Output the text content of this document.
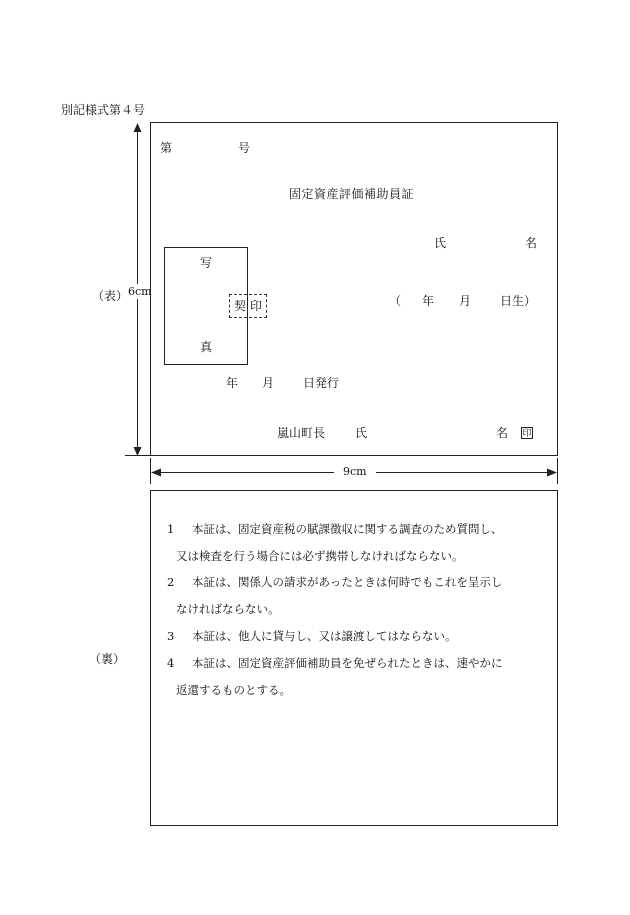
別記様式第４号
（表） 6cm
第	号
固定資産評価補助員証
氏	名
写
真
契 印	（ 年 月 日生）
年 月 日発行
嵐山町長 氏	名 印
9cm
（裏）
1 本証は、固定資産税の賦課徴収に関する調査のため質問し、
又は検査を行う場合には必ず携帯しなければならない。
2 本証は、関係人の請求があったときは何時でもこれを呈示し
なければならない。
3 本証は、他人に貸与し、又は譲渡してはならない。
4 本証は、固定資産評価補助員を免ぜられたときは、速やかに
返還するものとする。
